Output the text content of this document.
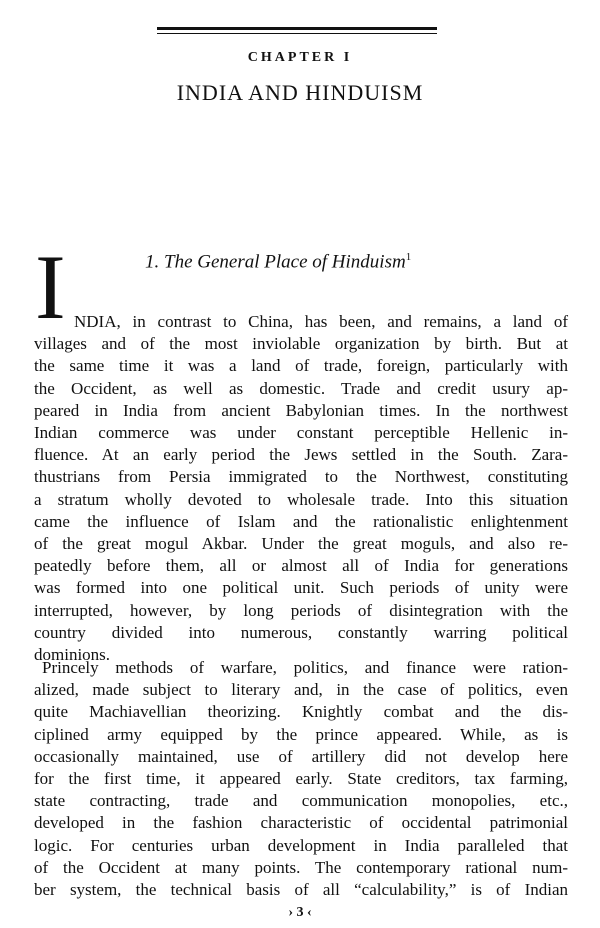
CHAPTER I
INDIA AND HINDUISM
I	1. The General Place of Hinduism$^1$
NDIA, in contrast to China, has been, and remains, a land of
villages and of the most inviolable organization by birth. But at
the same time it was a land of trade, foreign, particularly with
the Occident, as well as domestic. Trade and credit usury ap-
peared in India from ancient Babylonian times. In the northwest
Indian commerce was under constant perceptible Hellenic in-
fluence. At an early period the Jews settled in the South. Zara-
thustrians from Persia immigrated to the Northwest, constituting
a stratum wholly devoted to wholesale trade. Into this situation
came the influence of Islam and the rationalistic enlightenment
of the great mogul Akbar. Under the great moguls, and also re-
peatedly before them, all or almost all of India for generations
was formed into one political unit. Such periods of unity were
interrupted, however, by long periods of disintegration with the
country divided into numerous, constantly warring political
dominions.
Princely methods of warfare, politics, and finance were ration-
alized, made subject to literary and, in the case of politics, even
quite Machiavellian theorizing. Knightly combat and the dis-
ciplined army equipped by the prince appeared. While, as is
occasionally maintained, use of artillery did not develop here
for the first time, it appeared early. State creditors, tax farming,
state contracting, trade and communication monopolies, etc.,
developed in the fashion characteristic of occidental patrimonial
logic. For centuries urban development in India paralleled that
of the Occident at many points. The contemporary rational num-
ber system, the technical basis of all “calculability,” is of Indian
› 3 ‹
